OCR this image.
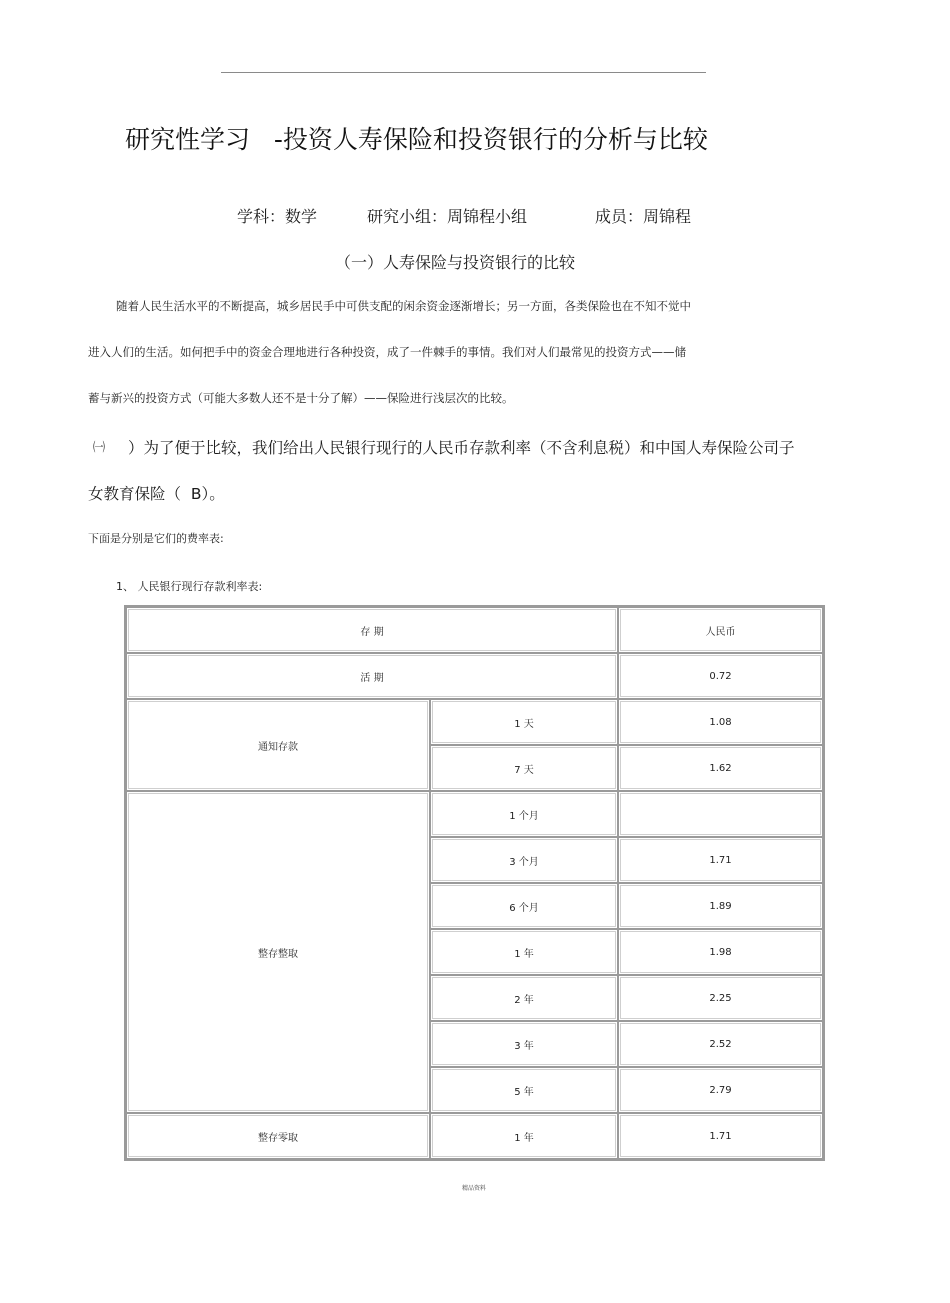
研究性学习   -投资人寿保险和投资银行的分析与比较

学科：数学

	研究小组：周锦程小组

	成员：周锦程

（一）人寿保险与投资银行的比较
随着人民生活水平的不断提高，城乡居民手中可供支配的闲余资金逐渐增长；另一方面，各类保险也在不知不觉中
进入人们的生活。如何把手中的资金合理地进行各种投资，成了一件棘手的事情。我们对人们最常见的投资方式——储
蓄与新兴的投资方式（可能大多数人还不是十分了解）——保险进行浅层次的比较。
㈠ ）为了便于比较，我们给出人民银行现行的人民币存款利率（不含利息税）和中国人寿保险公司子
女教育保险（  B）。
下面是分别是它们的费率表:
1、 人民银行现行存款利率表:
存 期		人民币
活 期		0.72
通知存款	1 天	1.08
	7 天	1.62
整存整取	1 个月	
	3 个月	1.71
	6 个月	1.89
	1 年	1.98
	2 年	2.25
	3 年	2.52
	5 年	2.79
整存零取	1 年	1.71
精品资料
